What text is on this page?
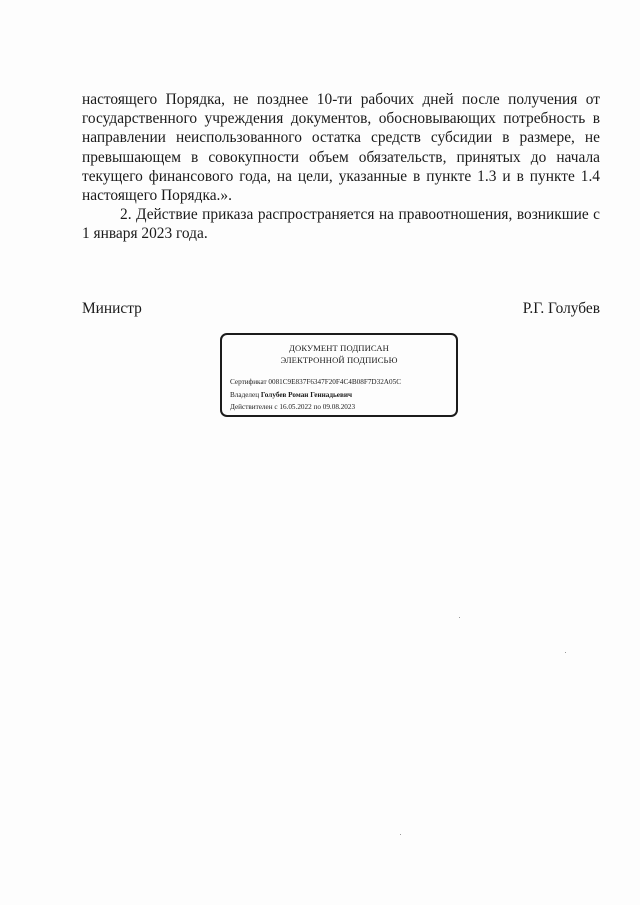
настоящего Порядка, не позднее 10-ти рабочих дней после получения от государственного учреждения документов, обосновывающих потребность в направлении неиспользованного остатка средств субсидии в размере, не превышающем в совокупности объем обязательств, принятых до начала текущего финансового года, на цели, указанные в пункте 1.3 и в пункте 1.4 настоящего Порядка.».

2. Действие приказа распространяется на правоотношения, возникшие с 1 января 2023 года.

Министр	Р.Г. Голубев
ДОКУМЕНТ ПОДПИСАН
ЭЛЕКТРОННОЙ ПОДПИСЬЮ
Сертификат 0081C9E837F6347F20F4C4B08F7D32A05C
Владелец Голубев Роман Геннадьевич
Действителен с 16.05.2022 по 09.08.2023
